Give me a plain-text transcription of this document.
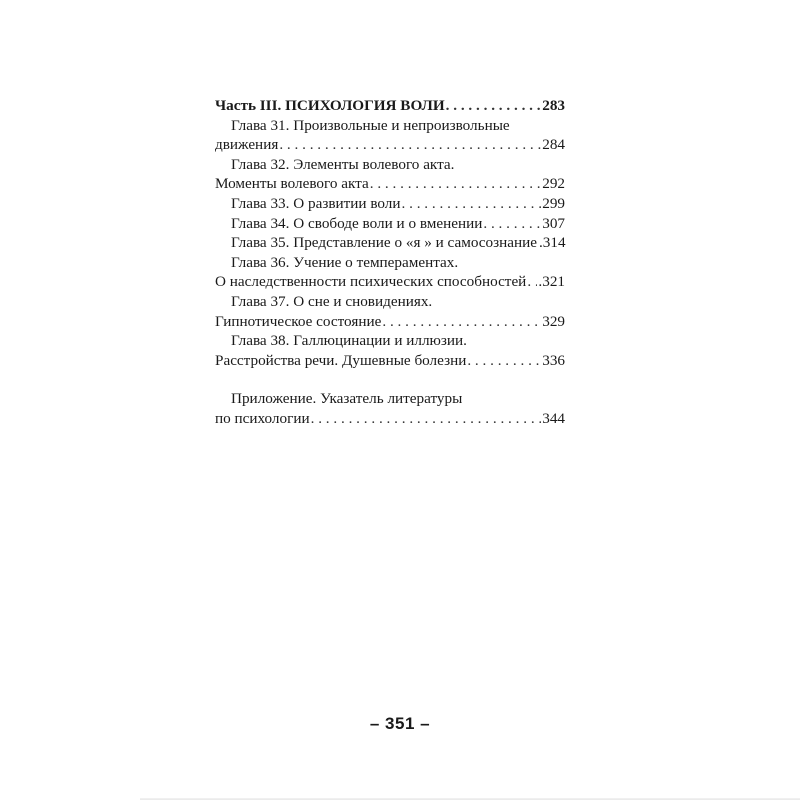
Часть III. ПСИХОЛОГИЯ ВОЛИ . . .	283
Глава 31. Произвольные и непроизвольные
движения . . .	284
Глава 32. Элементы волевого акта.
Моменты волевого акта . . .	292
Глава 33. О развитии воли . . .	299
Глава 34. О свободе воли и о вменении . . .	307
Глава 35. Представление о «я » и самосознание .314
Глава 36. Учение о темпераментах.
О наследственности психических способностей . . . .321
Глава 37. О сне и сновидениях.
Гипнотическое состояние . . .	329
Глава 38. Галлюцинации и иллюзии.
Расстройства речи. Душевные болезни . . .	336
Приложение. Указатель литературы
по психологии . . .	344
– 351 –
